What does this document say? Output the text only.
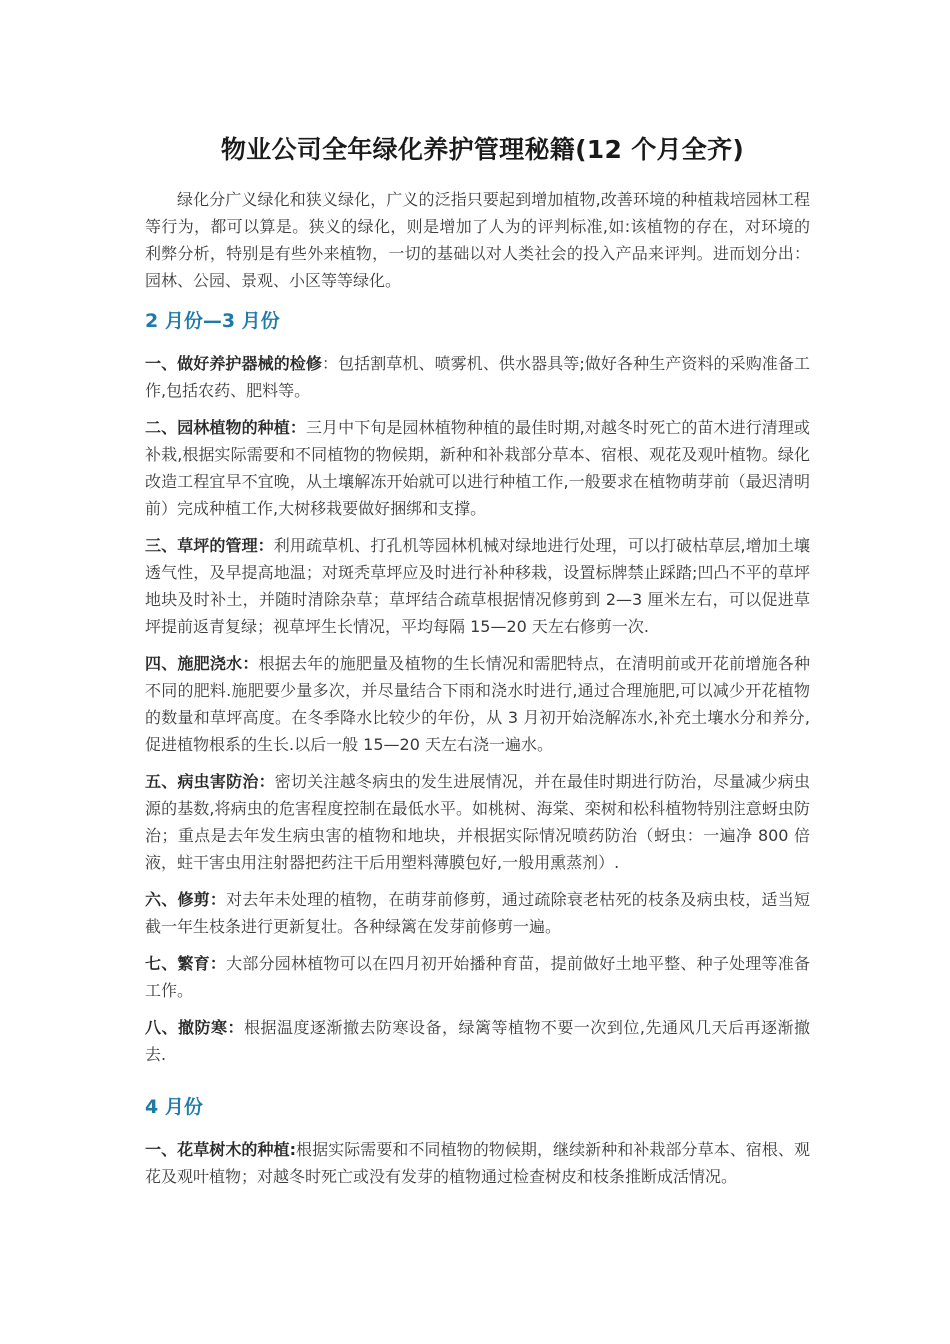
物业公司全年绿化养护管理秘籍(12 个月全齐)

绿化分广义绿化和狭义绿化，广义的泛指只要起到增加植物,改善环境的种植栽培园林工程等行为，都可以算是。狭义的绿化，则是增加了人为的评判标准,如:该植物的存在，对环境的利弊分析，特别是有些外来植物，一切的基础以对人类社会的投入产品来评判。进而划分出：园林、公园、景观、小区等等绿化。

2 月份—3 月份

一、做好养护器械的检修：包括割草机、喷雾机、供水器具等;做好各种生产资料的采购准备工作,包括农药、肥料等。

二、园林植物的种植：三月中下旬是园林植物种植的最佳时期,对越冬时死亡的苗木进行清理或补栽,根据实际需要和不同植物的物候期，新种和补栽部分草本、宿根、观花及观叶植物。绿化改造工程宜早不宜晚，从土壤解冻开始就可以进行种植工作,一般要求在植物萌芽前（最迟清明前）完成种植工作,大树移栽要做好捆绑和支撑。

三、草坪的管理：利用疏草机、打孔机等园林机械对绿地进行处理，可以打破枯草层,增加土壤透气性，及早提高地温；对斑秃草坪应及时进行补种移栽，设置标牌禁止踩踏;凹凸不平的草坪地块及时补土，并随时清除杂草；草坪结合疏草根据情况修剪到 2—3 厘米左右，可以促进草坪提前返青复绿；视草坪生长情况，平均每隔 15—20 天左右修剪一次.

四、施肥浇水：根据去年的施肥量及植物的生长情况和需肥特点，在清明前或开花前增施各种不同的肥料.施肥要少量多次，并尽量结合下雨和浇水时进行,通过合理施肥,可以减少开花植物的数量和草坪高度。在冬季降水比较少的年份，从 3 月初开始浇解冻水,补充土壤水分和养分,促进植物根系的生长.以后一般 15—20 天左右浇一遍水。

五、病虫害防治：密切关注越冬病虫的发生进展情况，并在最佳时期进行防治，尽量减少病虫源的基数,将病虫的危害程度控制在最低水平。如桃树、海棠、栾树和松科植物特别注意蚜虫防治；重点是去年发生病虫害的植物和地块，并根据实际情况喷药防治（蚜虫：一遍净 800 倍液，蛀干害虫用注射器把药注干后用塑料薄膜包好,一般用熏蒸剂）.

六、修剪：对去年未处理的植物，在萌芽前修剪，通过疏除衰老枯死的枝条及病虫枝，适当短截一年生枝条进行更新复壮。各种绿篱在发芽前修剪一遍。

七、繁育：大部分园林植物可以在四月初开始播种育苗，提前做好土地平整、种子处理等准备工作。

八、撤防寒：根据温度逐渐撤去防寒设备，绿篱等植物不要一次到位,先通风几天后再逐渐撤去.

4 月份

一、花草树木的种植:根据实际需要和不同植物的物候期，继续新种和补栽部分草本、宿根、观花及观叶植物；对越冬时死亡或没有发芽的植物通过检查树皮和枝条推断成活情况。
